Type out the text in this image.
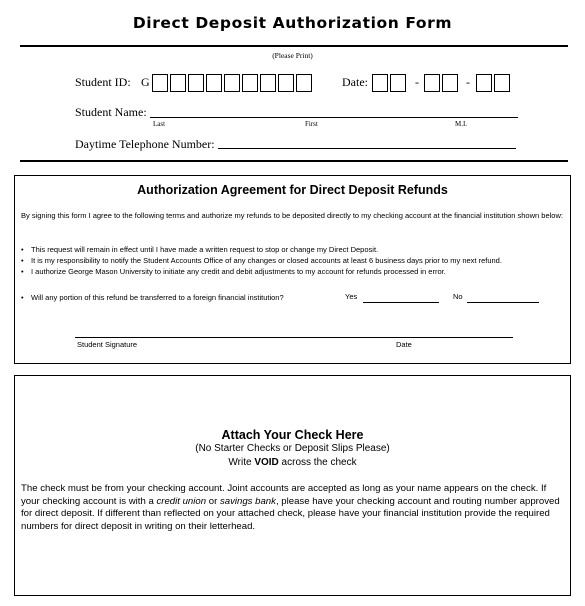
Direct Deposit Authorization Form
(Please Print)
Student ID: G	Date:	-	-
Student Name:
Last	First	M.I.
Daytime Telephone Number:
Authorization Agreement for Direct Deposit Refunds
By signing this form I agree to the following terms and authorize my refunds to be deposited directly to my checking account at the financial institution shown below:
• This request will remain in effect until I have made a written request to stop or change my Direct Deposit.
• It is my responsibility to notify the Student Accounts Office of any changes or closed accounts at least 6 business days prior to my next refund.
• I authorize George Mason University to initiate any credit and debit adjustments to my account for refunds processed in error.
• Will any portion of this refund be transferred to a foreign financial institution?	Yes	No
Student Signature	Date
Attach Your Check Here
(No Starter Checks or Deposit Slips Please)
Write VOID across the check
The check must be from your checking account. Joint accounts are accepted as long as your name appears on the check. If your checking account is with a credit union or savings bank, please have your checking account and routing number approved for direct deposit. If different than reflected on your attached check, please have your financial institution provide the required numbers for direct deposit in writing on their letterhead.
